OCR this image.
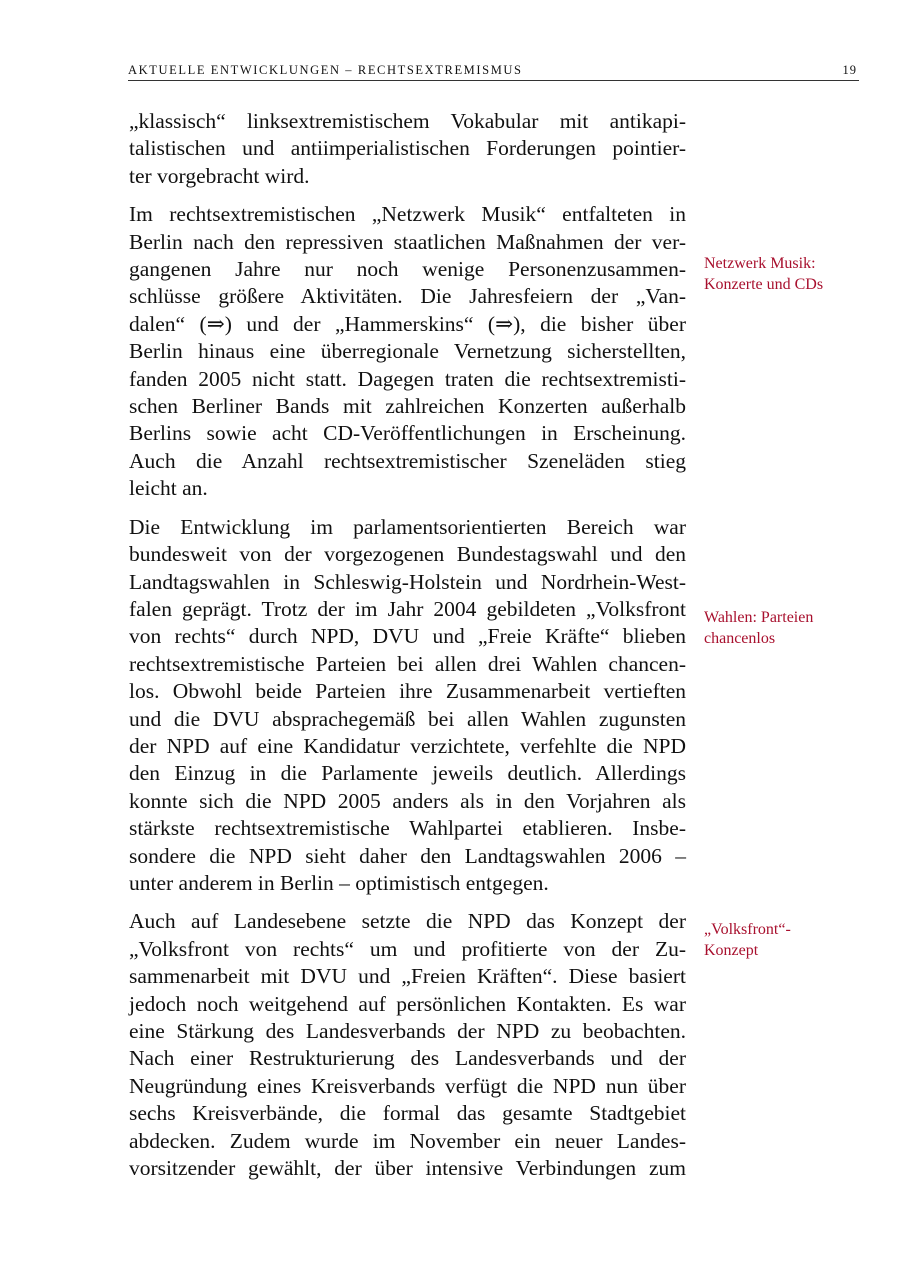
AKTUELLE ENTWICKLUNGEN – RECHTSEXTREMISMUS	19

„klassisch“ linksextremistischem Vokabular mit antikapi-
talistischen und antiimperialistischen Forderungen pointier-
ter vorgebracht wird.

Im rechtsextremistischen „Netzwerk Musik“ entfalteten in
Berlin nach den repressiven staatlichen Maßnahmen der ver-
gangenen Jahre nur noch wenige Personenzusammen-
schlüsse größere Aktivitäten. Die Jahresfeiern der „Van-
dalen“ (⇒) und der „Hammerskins“ (⇒), die bisher über
Berlin hinaus eine überregionale Vernetzung sicherstellten,
fanden 2005 nicht statt. Dagegen traten die rechtsextremisti-
schen Berliner Bands mit zahlreichen Konzerten außerhalb
Berlins sowie acht CD-Veröffentlichungen in Erscheinung.
Auch die Anzahl rechtsextremistischer Szeneläden stieg
leicht an.

Die Entwicklung im parlamentsorientierten Bereich war
bundesweit von der vorgezogenen Bundestagswahl und den
Landtagswahlen in Schleswig-Holstein und Nordrhein-West-
falen geprägt. Trotz der im Jahr 2004 gebildeten „Volksfront
von rechts“ durch NPD, DVU und „Freie Kräfte“ blieben
rechtsextremistische Parteien bei allen drei Wahlen chancen-
los. Obwohl beide Parteien ihre Zusammenarbeit vertieften
und die DVU absprachegemäß bei allen Wahlen zugunsten
der NPD auf eine Kandidatur verzichtete, verfehlte die NPD
den Einzug in die Parlamente jeweils deutlich. Allerdings
konnte sich die NPD 2005 anders als in den Vorjahren als
stärkste rechtsextremistische Wahlpartei etablieren. Insbe-
sondere die NPD sieht daher den Landtagswahlen 2006 –
unter anderem in Berlin – optimistisch entgegen.

Auch auf Landesebene setzte die NPD das Konzept der
„Volksfront von rechts“ um und profitierte von der Zu-
sammenarbeit mit DVU und „Freien Kräften“. Diese basiert
jedoch noch weitgehend auf persönlichen Kontakten. Es war
eine Stärkung des Landesverbands der NPD zu beobachten.
Nach einer Restrukturierung des Landesverbands und der
Neugründung eines Kreisverbands verfügt die NPD nun über
sechs Kreisverbände, die formal das gesamte Stadtgebiet
abdecken. Zudem wurde im November ein neuer Landes-
vorsitzender gewählt, der über intensive Verbindungen zum

Netzwerk Musik:
Konzerte und CDs
Wahlen: Parteien
chancenlos
„Volksfront“-
Konzept
